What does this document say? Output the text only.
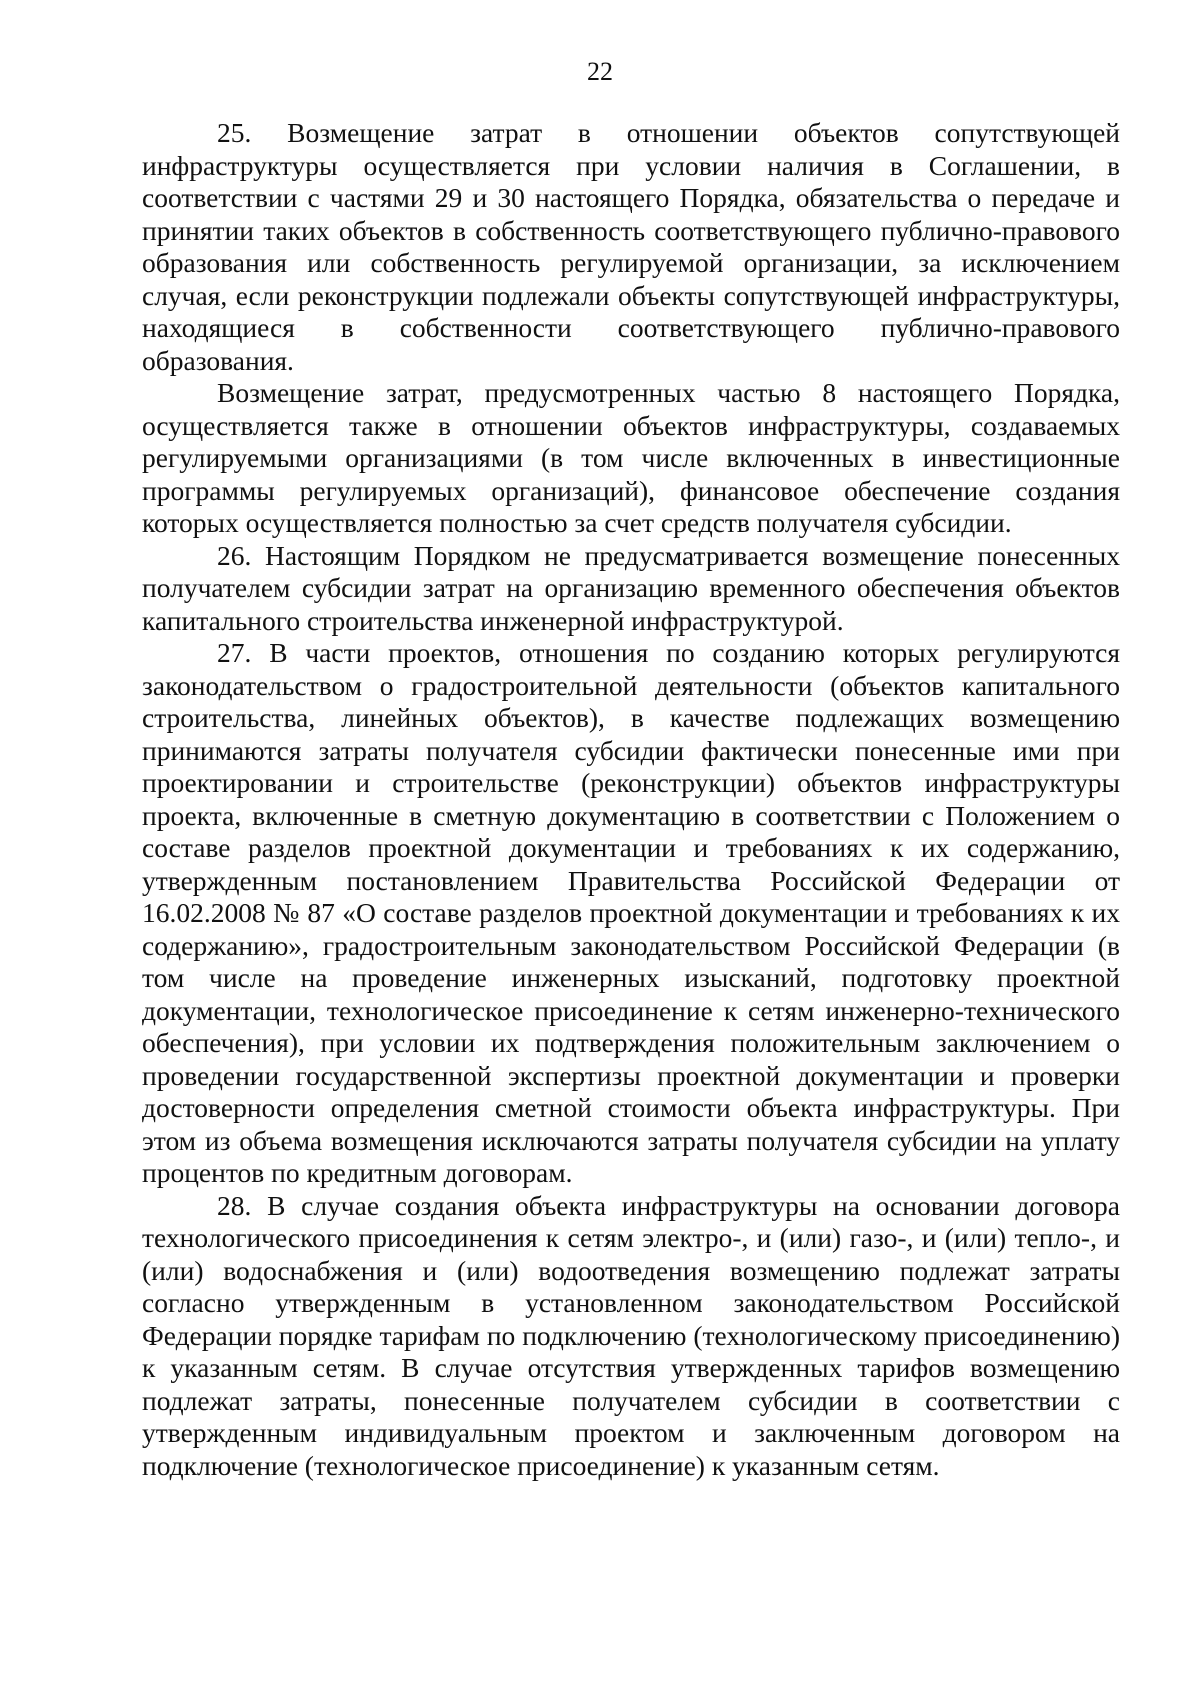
22

25. Возмещение затрат в отношении объектов сопутствующей инфраструктуры осуществляется при условии наличия в Соглашении, в соответствии с частями 29 и 30 настоящего Порядка, обязательства о передаче и принятии таких объектов в собственность соответствующего публично-правового образования или собственность регулируемой организации, за исключением случая, если реконструкции подлежали объекты сопутствующей инфраструктуры, находящиеся в собственности соответствующего публично-правового образования.

Возмещение затрат, предусмотренных частью 8 настоящего Порядка, осуществляется также в отношении объектов инфраструктуры, создаваемых регулируемыми организациями (в том числе включенных в инвестиционные программы регулируемых организаций), финансовое обеспечение создания которых осуществляется полностью за счет средств получателя субсидии.

26. Настоящим Порядком не предусматривается возмещение понесенных получателем субсидии затрат на организацию временного обеспечения объектов капитального строительства инженерной инфраструктурой.

27. В части проектов, отношения по созданию которых регулируются законодательством о градостроительной деятельности (объектов капитального строительства, линейных объектов), в качестве подлежащих возмещению принимаются затраты получателя субсидии фактически понесенные ими при проектировании и строительстве (реконструкции) объектов инфраструктуры проекта, включенные в сметную документацию в соответствии с Положением о составе разделов проектной документации и требованиях к их содержанию, утвержденным постановлением Правительства Российской Федерации от 16.02.2008 № 87 «О составе разделов проектной документации и требованиях к их содержанию», градостроительным законодательством Российской Федерации (в том числе на проведение инженерных изысканий, подготовку проектной документации, технологическое присоединение к сетям инженерно-технического обеспечения), при условии их подтверждения положительным заключением о проведении государственной экспертизы проектной документации и проверки достоверности определения сметной стоимости объекта инфраструктуры. При этом из объема возмещения исключаются затраты получателя субсидии на уплату процентов по кредитным договорам.

28. В случае создания объекта инфраструктуры на основании договора технологического присоединения к сетям электро-, и (или) газо-, и (или) тепло-, и (или) водоснабжения и (или) водоотведения возмещению подлежат затраты согласно утвержденным в установленном законодательством Российской Федерации порядке тарифам по подключению (технологическому присоединению) к указанным сетям. В случае отсутствия утвержденных тарифов возмещению подлежат затраты, понесенные получателем субсидии в соответствии с утвержденным индивидуальным проектом и заключенным договором на подключение (технологическое присоединение) к указанным сетям.
